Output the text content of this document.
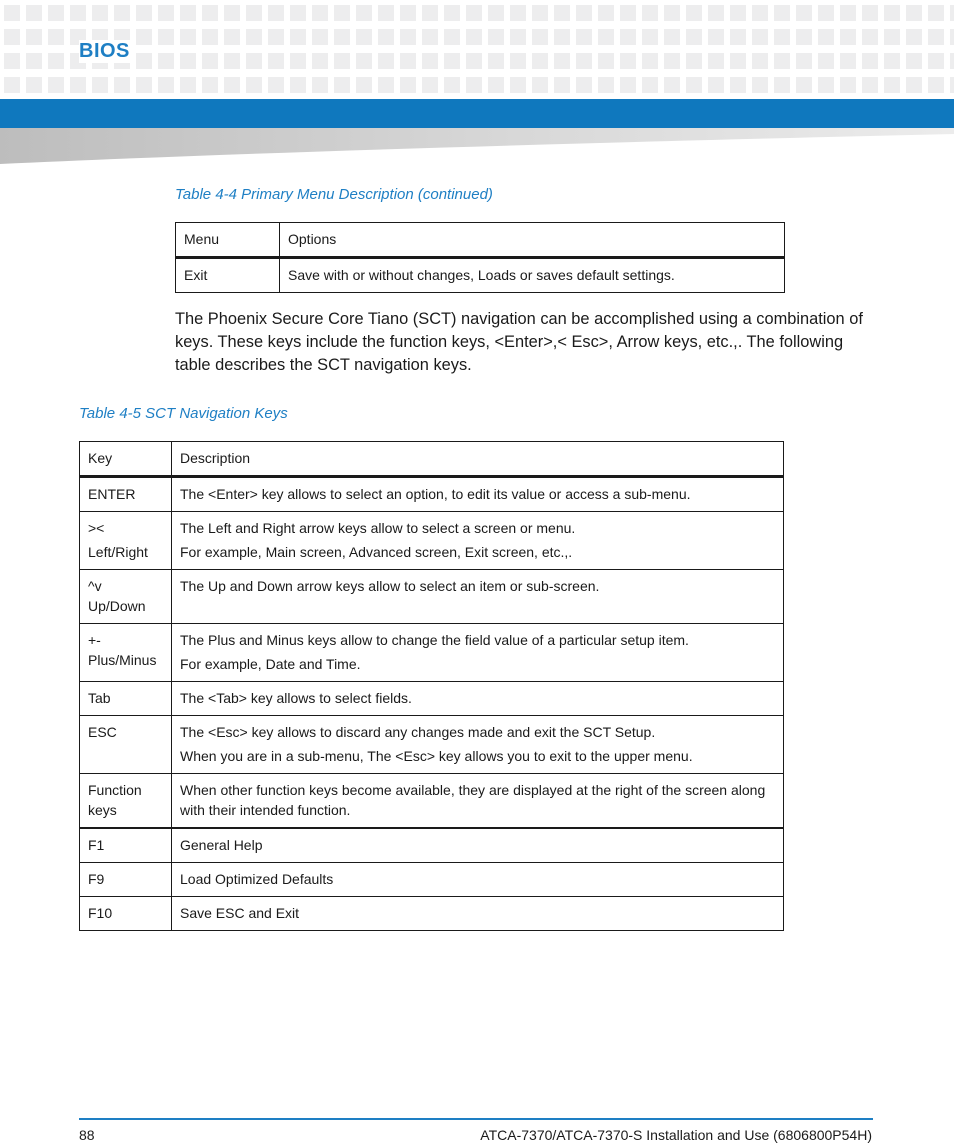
BIOS
Table 4-4 Primary Menu Description (continued)
Menu	Options
Exit	Save with or without changes, Loads or saves default settings.
The Phoenix Secure Core Tiano (SCT) navigation can be accomplished using a combination of keys. These keys include the function keys, <Enter>,< Esc>, Arrow keys, etc.,. The following table describes the SCT navigation keys.
Table 4-5 SCT Navigation Keys
Key	Description
ENTER	The <Enter> key allows to select an option, to edit its value or access a sub-menu.
><
Left/Right	The Left and Right arrow keys allow to select a screen or menu.
For example, Main screen, Advanced screen, Exit screen, etc.,.

^v
Up/Down	The Up and Down arrow keys allow to select an item or sub-screen.
+-
Plus/Minus	The Plus and Minus keys allow to change the field value of a particular setup item.
For example, Date and Time.

Tab	The <Tab> key allows to select fields.
ESC	The <Esc> key allows to discard any changes made and exit the SCT Setup.
When you are in a sub-menu, The <Esc> key allows you to exit to the upper menu.

Function
keys	When other function keys become available, they are displayed at the right of the screen along with their intended function.
F1	General Help
F9	Load Optimized Defaults
F10	Save ESC and Exit
88	ATCA-7370/ATCA-7370-S Installation and Use (6806800P54H)
